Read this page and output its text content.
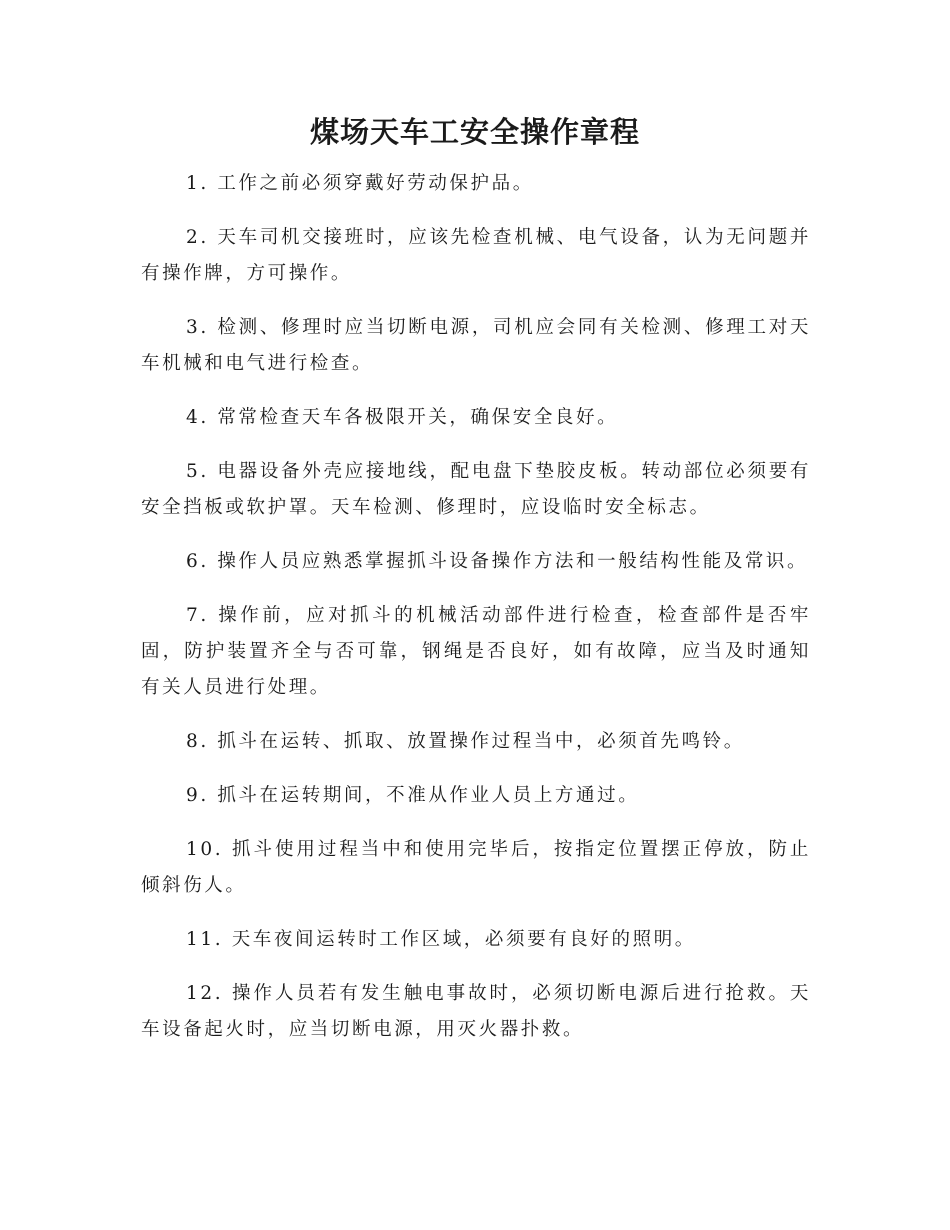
煤场天车工安全操作章程

1. 工作之前必须穿戴好劳动保护品。

2. 天车司机交接班时，应该先检查机械、电气设备，认为无问题并有操作牌，方可操作。

3. 检测、修理时应当切断电源，司机应会同有关检测、修理工对天车机械和电气进行检查。

4. 常常检查天车各极限开关，确保安全良好。

5. 电器设备外壳应接地线，配电盘下垫胶皮板。转动部位必须要有安全挡板或软护罩。天车检测、修理时，应设临时安全标志。

6. 操作人员应熟悉掌握抓斗设备操作方法和一般结构性能及常识。

7. 操作前，应对抓斗的机械活动部件进行检查，检查部件是否牢固，防护装置齐全与否可靠，钢绳是否良好，如有故障，应当及时通知有关人员进行处理。

8. 抓斗在运转、抓取、放置操作过程当中，必须首先鸣铃。

9. 抓斗在运转期间，不准从作业人员上方通过。

10. 抓斗使用过程当中和使用完毕后，按指定位置摆正停放，防止倾斜伤人。

11. 天车夜间运转时工作区域，必须要有良好的照明。

12. 操作人员若有发生触电事故时，必须切断电源后进行抢救。天车设备起火时，应当切断电源，用灭火器扑救。
